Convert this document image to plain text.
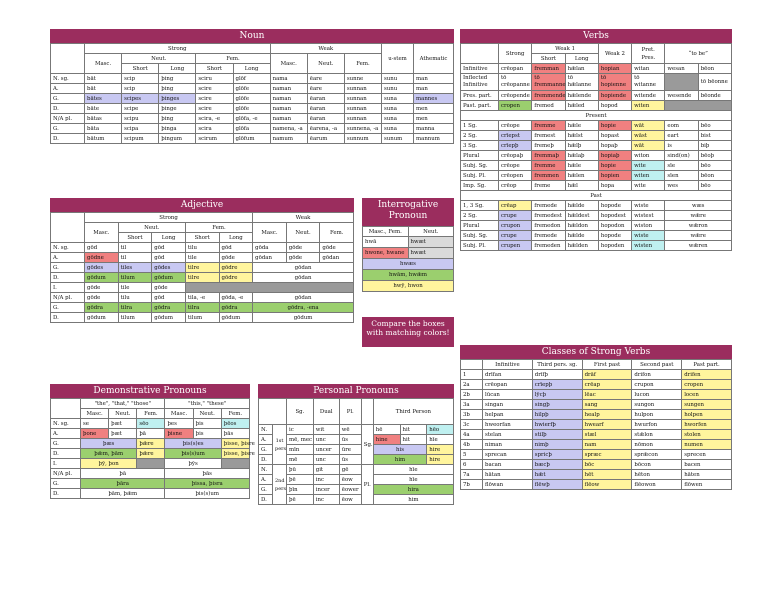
Noun
	Strong					Weak			u-stem	Athematic
	Masc.	Neut.		Fem.		Masc.	Neut.	Fem.		
		Short	Long	Short	Long					
N. sg.	bāt	scip	þing	sciru	glōf	nama	ēare	sunne	sunu	man
A.	bāt	scip	þing	scire	glōfe	naman	ēare	sunnan	sunu	man
G.	bātes	scipes	þinges	scire	glōfe	naman	ēaran	sunnan	suna	mannes
D.	bāte	scipe	þinge	scire	glōfe	naman	ēaran	sunnan	suna	men
N/A pl.	bātas	scipu	þing	scira, -e	glōfa, -e	naman	ēaran	sunnan	suna	men
G.	bāta	scipa	þinga	scira	glōfa	namena, -a	ēarena, -a	sunnena, -a	suna	manna
D.	bātum	scipum	þingum	scirum	glōfum	namum	ēarum	sunnum	sunum	mannum
Adjective
	Strong					Weak		
	Masc.	Neut.		Fem.		Masc.	Neut.	Fem.
		Short	Long	Short	Long			
N. sg.	gōd	til	gōd	tilu	gōd	gōda	gōde	gōde
A.	gōdne	til	gōd	tile	gōde	gōdan	gōde	gōdan
G.	gōdes	tiles	gōdes	tilre	gōdre	gōdan		
D.	gōdum	tilum	gōdum	tilre	gōdre	gōdan		
I.	gōde	tile	gōde					
N/A pl.	gōde	tilu	gōd	tila, -e	gōda, -e	gōdan		
G.	gōdra	tilra	gōdra	tilra	gōdra	gōdra, -ena		
D.	gōdum	tilum	gōdum	tilum	gōdum	gōdum		
Interrogative Pronoun
Masc., Fem.	Neut.
hwā	hwæt
hwone, hwane	hwæt
hwæs	
hwām, hwǣm	
hwȳ, hwon	
Compare the boxes with matching colors!
Demonstrative Pronouns
	"the", "that," "those"			"this," "these"		
	Masc.	Neut.	Fem.	Masc.	Neut.	Fem.
N. sg.	se	þæt	sēo	þes	þis	þēos
A.	þone	þæt	þā	þisne	þis	þās
G.	þæs		þǣre	þis(s)es		þisse, þisre
D.	þǣm, þām		þǣre	þis(s)um		þisse, þisre
I.	þȳ, þon			þȳs		
N/A pl.	þā			þās		
G.	þāra			þissa, þisra		
D.	þām, þǣm			þis(s)um		
Personal Pronouns
		Sg.	Dual	Pl.		Third Person		
N.	1st pers	ic	wit	wē	Sg.	hē	hit	hēo
A.		mē, mec	unc	ūs		hine	hit	hīe
G.		mīn	uncer	ūre		his		hire
D.		mē	unc	ūs		him		hire
N.	2nd pers	þū	git	gē	Pl.	hīe		
A.		þē	inc	ēow		hīe		
G.		þīn	incer	ēower		hira		
D.		þē	inc	ēow		him		
Verbs
	Strong	Weak 1		Weak 2	Pret. Pres.	“to be”	
		Short	Long				
Infinitive	crēopan	fremman	hǣlan	hopian	witan	wesan	bēon
Inflected Infinitive	tō crēopanne	tō fremmanne	tō hǣlanne	tō hopienne	tō witanne		tō bēonne
Pres. part.	crēopende	fremmende	hǣlende	hopiende	witende	wesende	bēonde
Past. part.	cropen	fremed	hǣled	hopod	witen		
Present							
1 Sg.	crēope	fremme	hǣle	hopie	wāt	eom	bēo
2 Sg.	crīepst	fremest	hǣlst	hopast	wāst	eart	bist
3 Sg.	crīepþ	fremeþ	hǣlþ	hopaþ	wāt	is	biþ
Plural	crēopaþ	fremmaþ	hǣlaþ	hopiaþ	witon	sind(on)	bēoþ
Subj. Sg.	crēope	fremme	hǣle	hopie	wite	sīe	bēo
Subj. Pl.	crēopen	fremmen	hǣlen	hopien	witen	sīen	bēon
Imp. Sg.	crēop	freme	hǣl	hopa	wite	wes	bēo
Past							
1, 3 Sg.	crēap	fremede	hǣlde	hopode	wiste	wæs	
2 Sg.	crupe	fremedest	hǣldest	hopodest	wistest	wǣre	
Plural	crupon	fremedon	hǣldon	hopodon	wiston	wǣron	
Subj. Sg.	crupe	fremede	hǣlde	hopode	wiste	wǣre	
Subj. Pl.	crupen	fremeden	hǣlden	hopoden	wisten	wǣren	
Classes of Strong Verbs
	Infinitive	Third pers. sg.	First past	Second past	Past part.
1	drīfan	drīfþ	drāf	drifon	drifen
2a	crēopan	crīepþ	crēap	crupon	cropen
2b	lūcan	lȳcþ	lēac	lucon	locen
3a	singan	singþ	sang	sungon	sungen
3b	helpan	hilpþ	healp	hulpon	holpen
3c	hweorfan	hwierfþ	hwearf	hwurfon	hworfen
4a	stelan	stilþ	stæl	stǣlon	stolen
4b	niman	nimþ	nam	nōmon	numen
5	sprecan	spricþ	spræc	sprǣcon	sprecen
6	bacan	bæcþ	bōc	bōcon	bacen
7a	hātan	hǣt	hēt	hēton	hāten
7b	flōwan	flēwþ	flēow	flēowon	flōwen
